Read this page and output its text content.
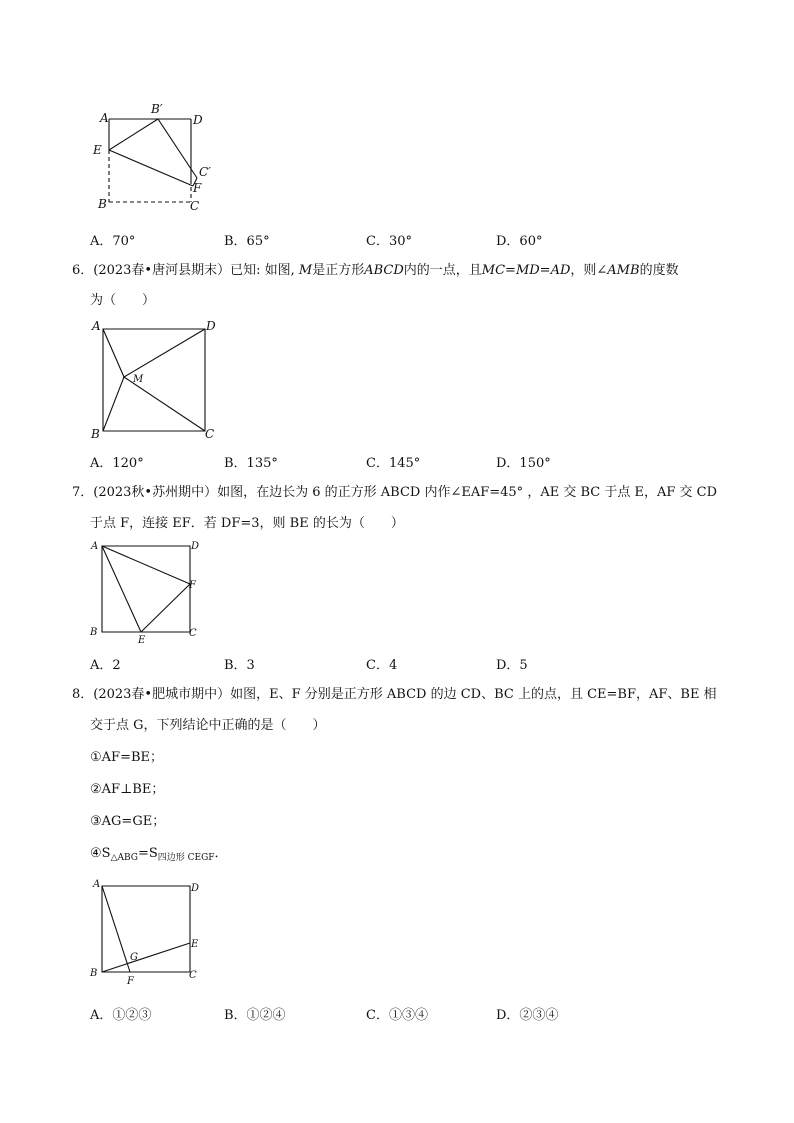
A
B′
D
E
C′
F
B	C
A．70°	B．65°	C．30°	D．60°
6．(2023春•唐河县期末）已知: 如图, M是正方形ABCD内的一点，且MC=MD=AD，则∠AMB的度数
为（　　）
A	D
M
B	C
A．120°	B．135°	C．145°	D．150°
7．(2023秋•苏州期中）如图，在边长为 6 的正方形 ABCD 内作∠EAF=45° ，AE 交 BC 于点 E，AF 交 CD
于点 F，连接 EF．若 DF=3，则 BE 的长为（　　）
A	D
F
B
E
C
A．2	B．3	C．4	D．5
8．(2023春•肥城市期中）如图，E、F 分别是正方形 ABCD 的边 CD、BC 上的点，且 CE=BF，AF、BE 相
交于点 G，下列结论中正确的是（　　）
①AF=BE；
②AF⊥BE；
③AG=GE；
$④S_{\triangle ABG}=S_{四边形 CEGF}$．
A	D
E
G
B
F
C
A．①②③	B．①②④	C．①③④	D．②③④
